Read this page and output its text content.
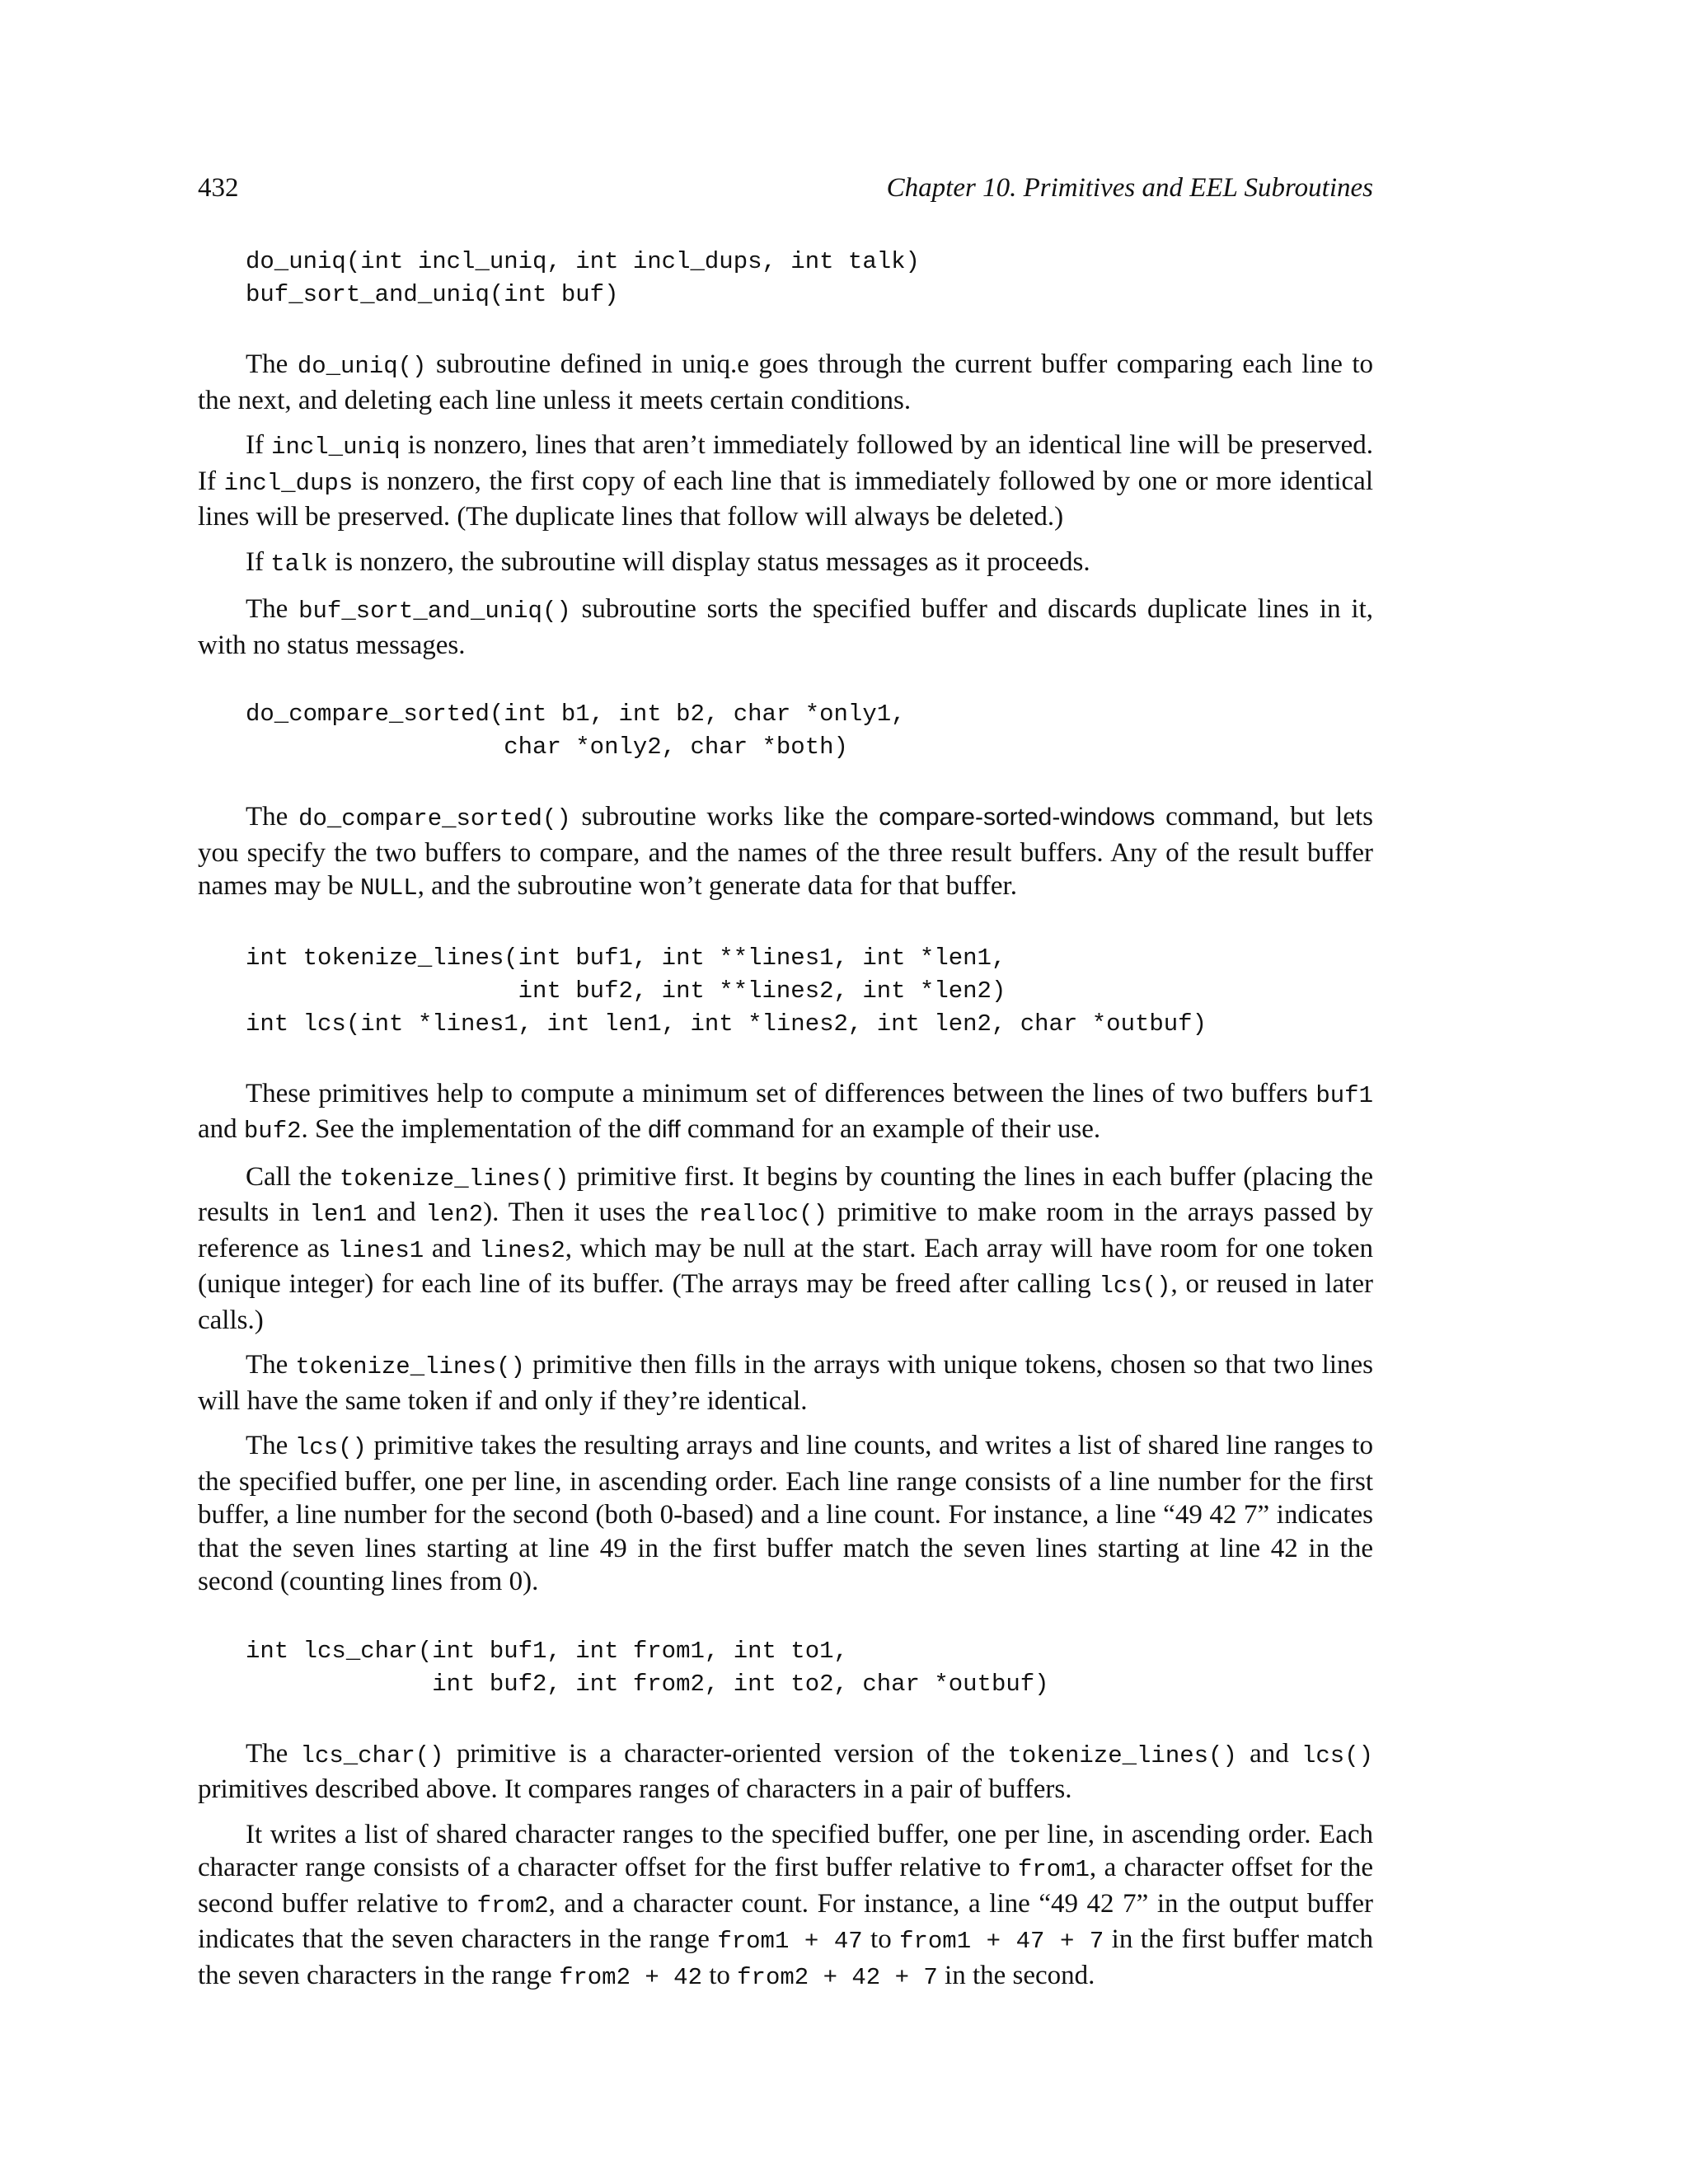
432	Chapter 10. Primitives and EEL Subroutines
do_uniq(int incl_uniq, int incl_dups, int talk)
buf_sort_and_uniq(int buf)

The do_uniq() subroutine defined in uniq.e goes through the current buffer comparing each line to the next, and deleting each line unless it meets certain conditions.

If incl_uniq is nonzero, lines that aren’t immediately followed by an identical line will be preserved. If incl_dups is nonzero, the first copy of each line that is immediately followed by one or more identical lines will be preserved. (The duplicate lines that follow will always be deleted.)

If talk is nonzero, the subroutine will display status messages as it proceeds.

The buf_sort_and_uniq() subroutine sorts the specified buffer and discards duplicate lines in it, with no status messages.

do_compare_sorted(int b1, int b2, char *only1,
char *only2, char *both)

The do_compare_sorted() subroutine works like the compare-sorted-windows command, but lets you specify the two buffers to compare, and the names of the three result buffers. Any of the result buffer names may be NULL, and the subroutine won’t generate data for that buffer.

int tokenize_lines(int buf1, int **lines1, int *len1,
int buf2, int **lines2, int *len2)
int lcs(int *lines1, int len1, int *lines2, int len2, char *outbuf)

These primitives help to compute a minimum set of differences between the lines of two buffers buf1 and buf2. See the implementation of the diff command for an example of their use.

Call the tokenize_lines() primitive first. It begins by counting the lines in each buffer (placing the results in len1 and len2). Then it uses the realloc() primitive to make room in the arrays passed by reference as lines1 and lines2, which may be null at the start. Each array will have room for one token (unique integer) for each line of its buffer. (The arrays may be freed after calling lcs(), or reused in later calls.)

The tokenize_lines() primitive then fills in the arrays with unique tokens, chosen so that two lines will have the same token if and only if they’re identical.

The lcs() primitive takes the resulting arrays and line counts, and writes a list of shared line ranges to the specified buffer, one per line, in ascending order. Each line range consists of a line number for the first buffer, a line number for the second (both 0-based) and a line count. For instance, a line “49 42 7” indicates that the seven lines starting at line 49 in the first buffer match the seven lines starting at line 42 in the second (counting lines from 0).

int lcs_char(int buf1, int from1, int to1,
int buf2, int from2, int to2, char *outbuf)

The lcs_char() primitive is a character-oriented version of the tokenize_lines() and lcs() primitives described above. It compares ranges of characters in a pair of buffers.

It writes a list of shared character ranges to the specified buffer, one per line, in ascending order. Each character range consists of a character offset for the first buffer relative to from1, a character offset for the second buffer relative to from2, and a character count. For instance, a line “49 42 7” in the output buffer indicates that the seven characters in the range from1 + 47 to from1 + 47 + 7 in the first buffer match the seven characters in the range from2 + 42 to from2 + 42 + 7 in the second.
